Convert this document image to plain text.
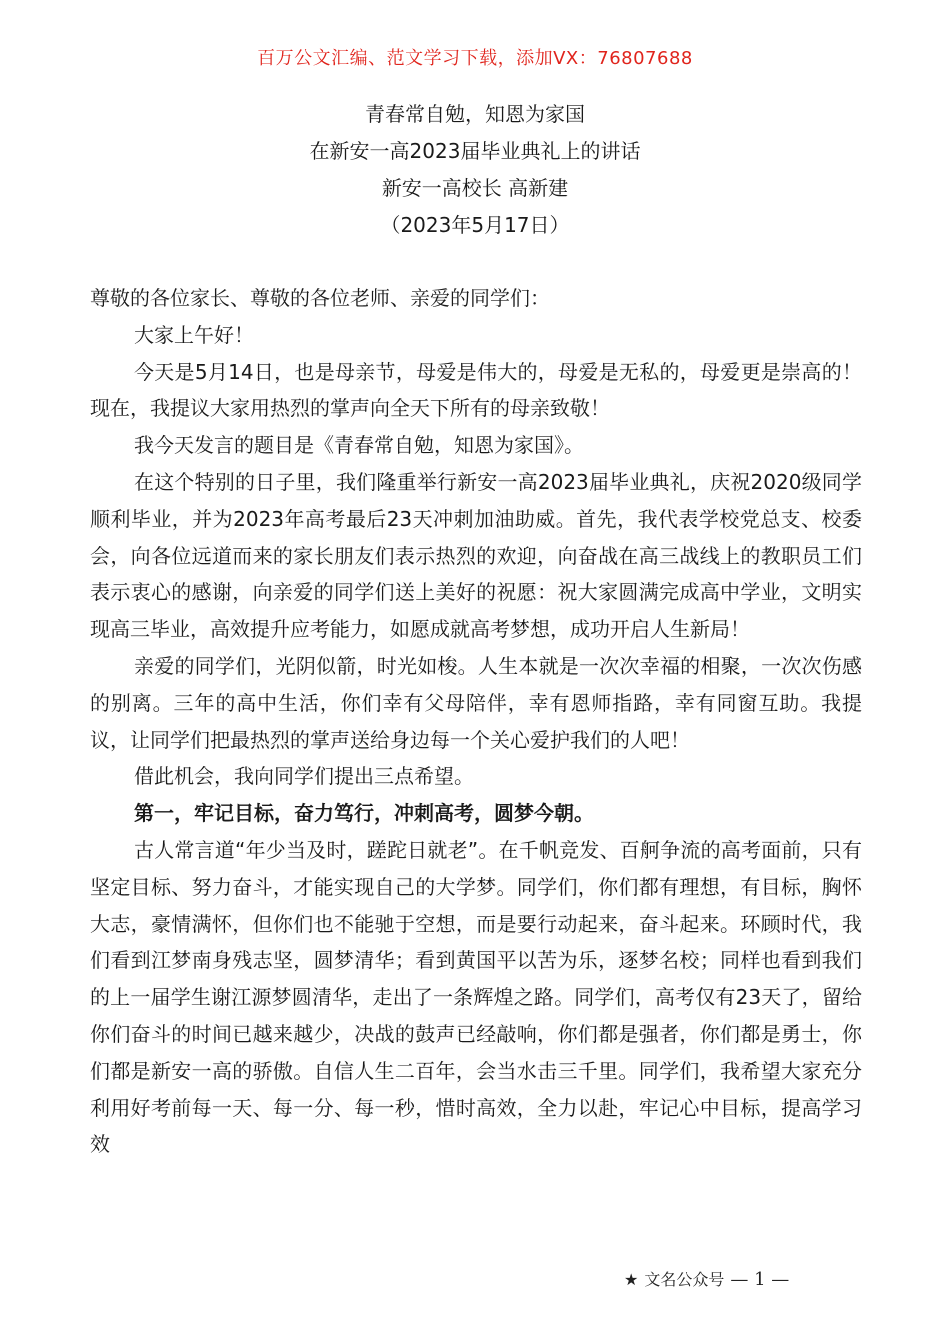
百万公文汇编、范文学习下载，添加VX：76807688
青春常自勉，知恩为家国
在新安一高2023届毕业典礼上的讲话
新安一高校长 高新建
（2023年5月17日）

尊敬的各位家长、尊敬的各位老师、亲爱的同学们：

大家上午好！

今天是5月14日，也是母亲节，母爱是伟大的，母爱是无私的，母爱更是崇高的！现在，我提议大家用热烈的掌声向全天下所有的母亲致敬！

我今天发言的题目是《青春常自勉，知恩为家国》。

在这个特别的日子里，我们隆重举行新安一高2023届毕业典礼，庆祝2020级同学顺利毕业，并为2023年高考最后23天冲刺加油助威。首先，我代表学校党总支、校委会，向各位远道而来的家长朋友们表示热烈的欢迎，向奋战在高三战线上的教职员工们表示衷心的感谢，向亲爱的同学们送上美好的祝愿：祝大家圆满完成高中学业，文明实现高三毕业，高效提升应考能力，如愿成就高考梦想，成功开启人生新局！

亲爱的同学们，光阴似箭，时光如梭。人生本就是一次次幸福的相聚，一次次伤感的别离。三年的高中生活，你们幸有父母陪伴，幸有恩师指路，幸有同窗互助。我提议，让同学们把最热烈的掌声送给身边每一个关心爱护我们的人吧！

借此机会，我向同学们提出三点希望。

第一，牢记目标，奋力笃行，冲刺高考，圆梦今朝。

古人常言道“年少当及时，蹉跎日就老”。在千帆竞发、百舸争流的高考面前，只有坚定目标、努力奋斗，才能实现自己的大学梦。同学们，你们都有理想，有目标，胸怀大志，豪情满怀，但你们也不能驰于空想，而是要行动起来，奋斗起来。环顾时代，我们看到江梦南身残志坚，圆梦清华；看到黄国平以苦为乐，逐梦名校；同样也看到我们的上一届学生谢江源梦圆清华，走出了一条辉煌之路。同学们，高考仅有23天了，留给你们奋斗的时间已越来越少，决战的鼓声已经敲响，你们都是强者，你们都是勇士，你们都是新安一高的骄傲。自信人生二百年，会当水击三千里。同学们，我希望大家充分利用好考前每一天、每一分、每一秒，惜时高效，全力以赴，牢记心中目标，提高学习效

★ 文名公众号 — 1 —
